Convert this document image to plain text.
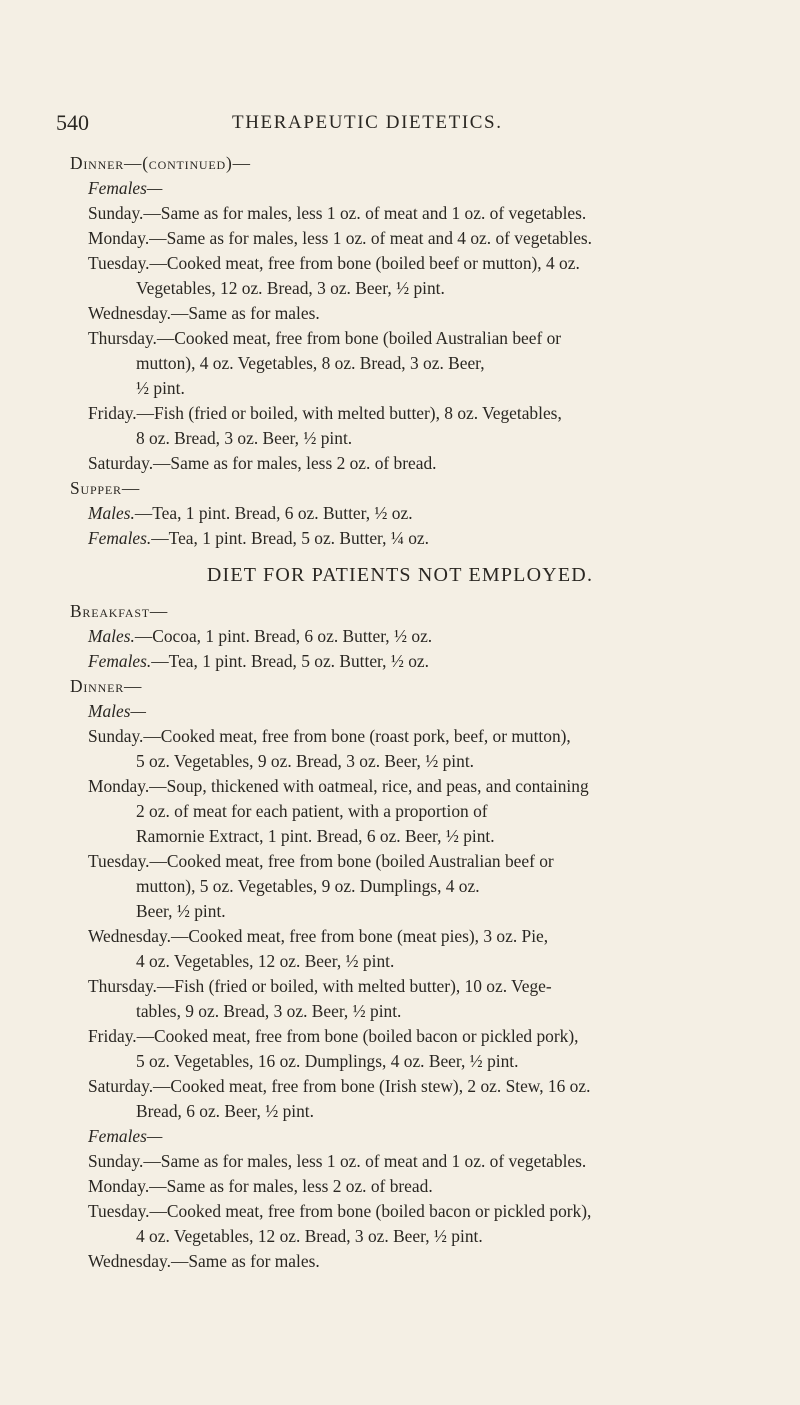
540	THERAPEUTIC DIETETICS.
Dinner—(continued)—
Females—
Sunday.—Same as for males, less 1 oz. of meat and 1 oz. of vegetables.
Monday.—Same as for males, less 1 oz. of meat and 4 oz. of vegetables.
Tuesday.—Cooked meat, free from bone (boiled beef or mutton), 4 oz.
Vegetables, 12 oz. Bread, 3 oz. Beer, ½ pint.
Wednesday.—Same as for males.
Thursday.—Cooked meat, free from bone (boiled Australian beef or
mutton), 4 oz. Vegetables, 8 oz. Bread, 3 oz. Beer,
½ pint.
Friday.—Fish (fried or boiled, with melted butter), 8 oz. Vegetables,
8 oz. Bread, 3 oz. Beer, ½ pint.
Saturday.—Same as for males, less 2 oz. of bread.
Supper—
Males.—Tea, 1 pint. Bread, 6 oz. Butter, ½ oz.
Females.—Tea, 1 pint. Bread, 5 oz. Butter, ¼ oz.
DIET FOR PATIENTS NOT EMPLOYED.
Breakfast—
Males.—Cocoa, 1 pint. Bread, 6 oz. Butter, ½ oz.
Females.—Tea, 1 pint. Bread, 5 oz. Butter, ½ oz.
Dinner—
Males—
Sunday.—Cooked meat, free from bone (roast pork, beef, or mutton),
5 oz. Vegetables, 9 oz. Bread, 3 oz. Beer, ½ pint.
Monday.—Soup, thickened with oatmeal, rice, and peas, and containing
2 oz. of meat for each patient, with a proportion of
Ramornie Extract, 1 pint. Bread, 6 oz. Beer, ½ pint.
Tuesday.—Cooked meat, free from bone (boiled Australian beef or
mutton), 5 oz. Vegetables, 9 oz. Dumplings, 4 oz.
Beer, ½ pint.
Wednesday.—Cooked meat, free from bone (meat pies), 3 oz. Pie,
4 oz. Vegetables, 12 oz. Beer, ½ pint.
Thursday.—Fish (fried or boiled, with melted butter), 10 oz. Vege-
tables, 9 oz. Bread, 3 oz. Beer, ½ pint.
Friday.—Cooked meat, free from bone (boiled bacon or pickled pork),
5 oz. Vegetables, 16 oz. Dumplings, 4 oz. Beer, ½ pint.
Saturday.—Cooked meat, free from bone (Irish stew), 2 oz. Stew, 16 oz.
Bread, 6 oz. Beer, ½ pint.
Females—
Sunday.—Same as for males, less 1 oz. of meat and 1 oz. of vegetables.
Monday.—Same as for males, less 2 oz. of bread.
Tuesday.—Cooked meat, free from bone (boiled bacon or pickled pork),
4 oz. Vegetables, 12 oz. Bread, 3 oz. Beer, ½ pint.
Wednesday.—Same as for males.
